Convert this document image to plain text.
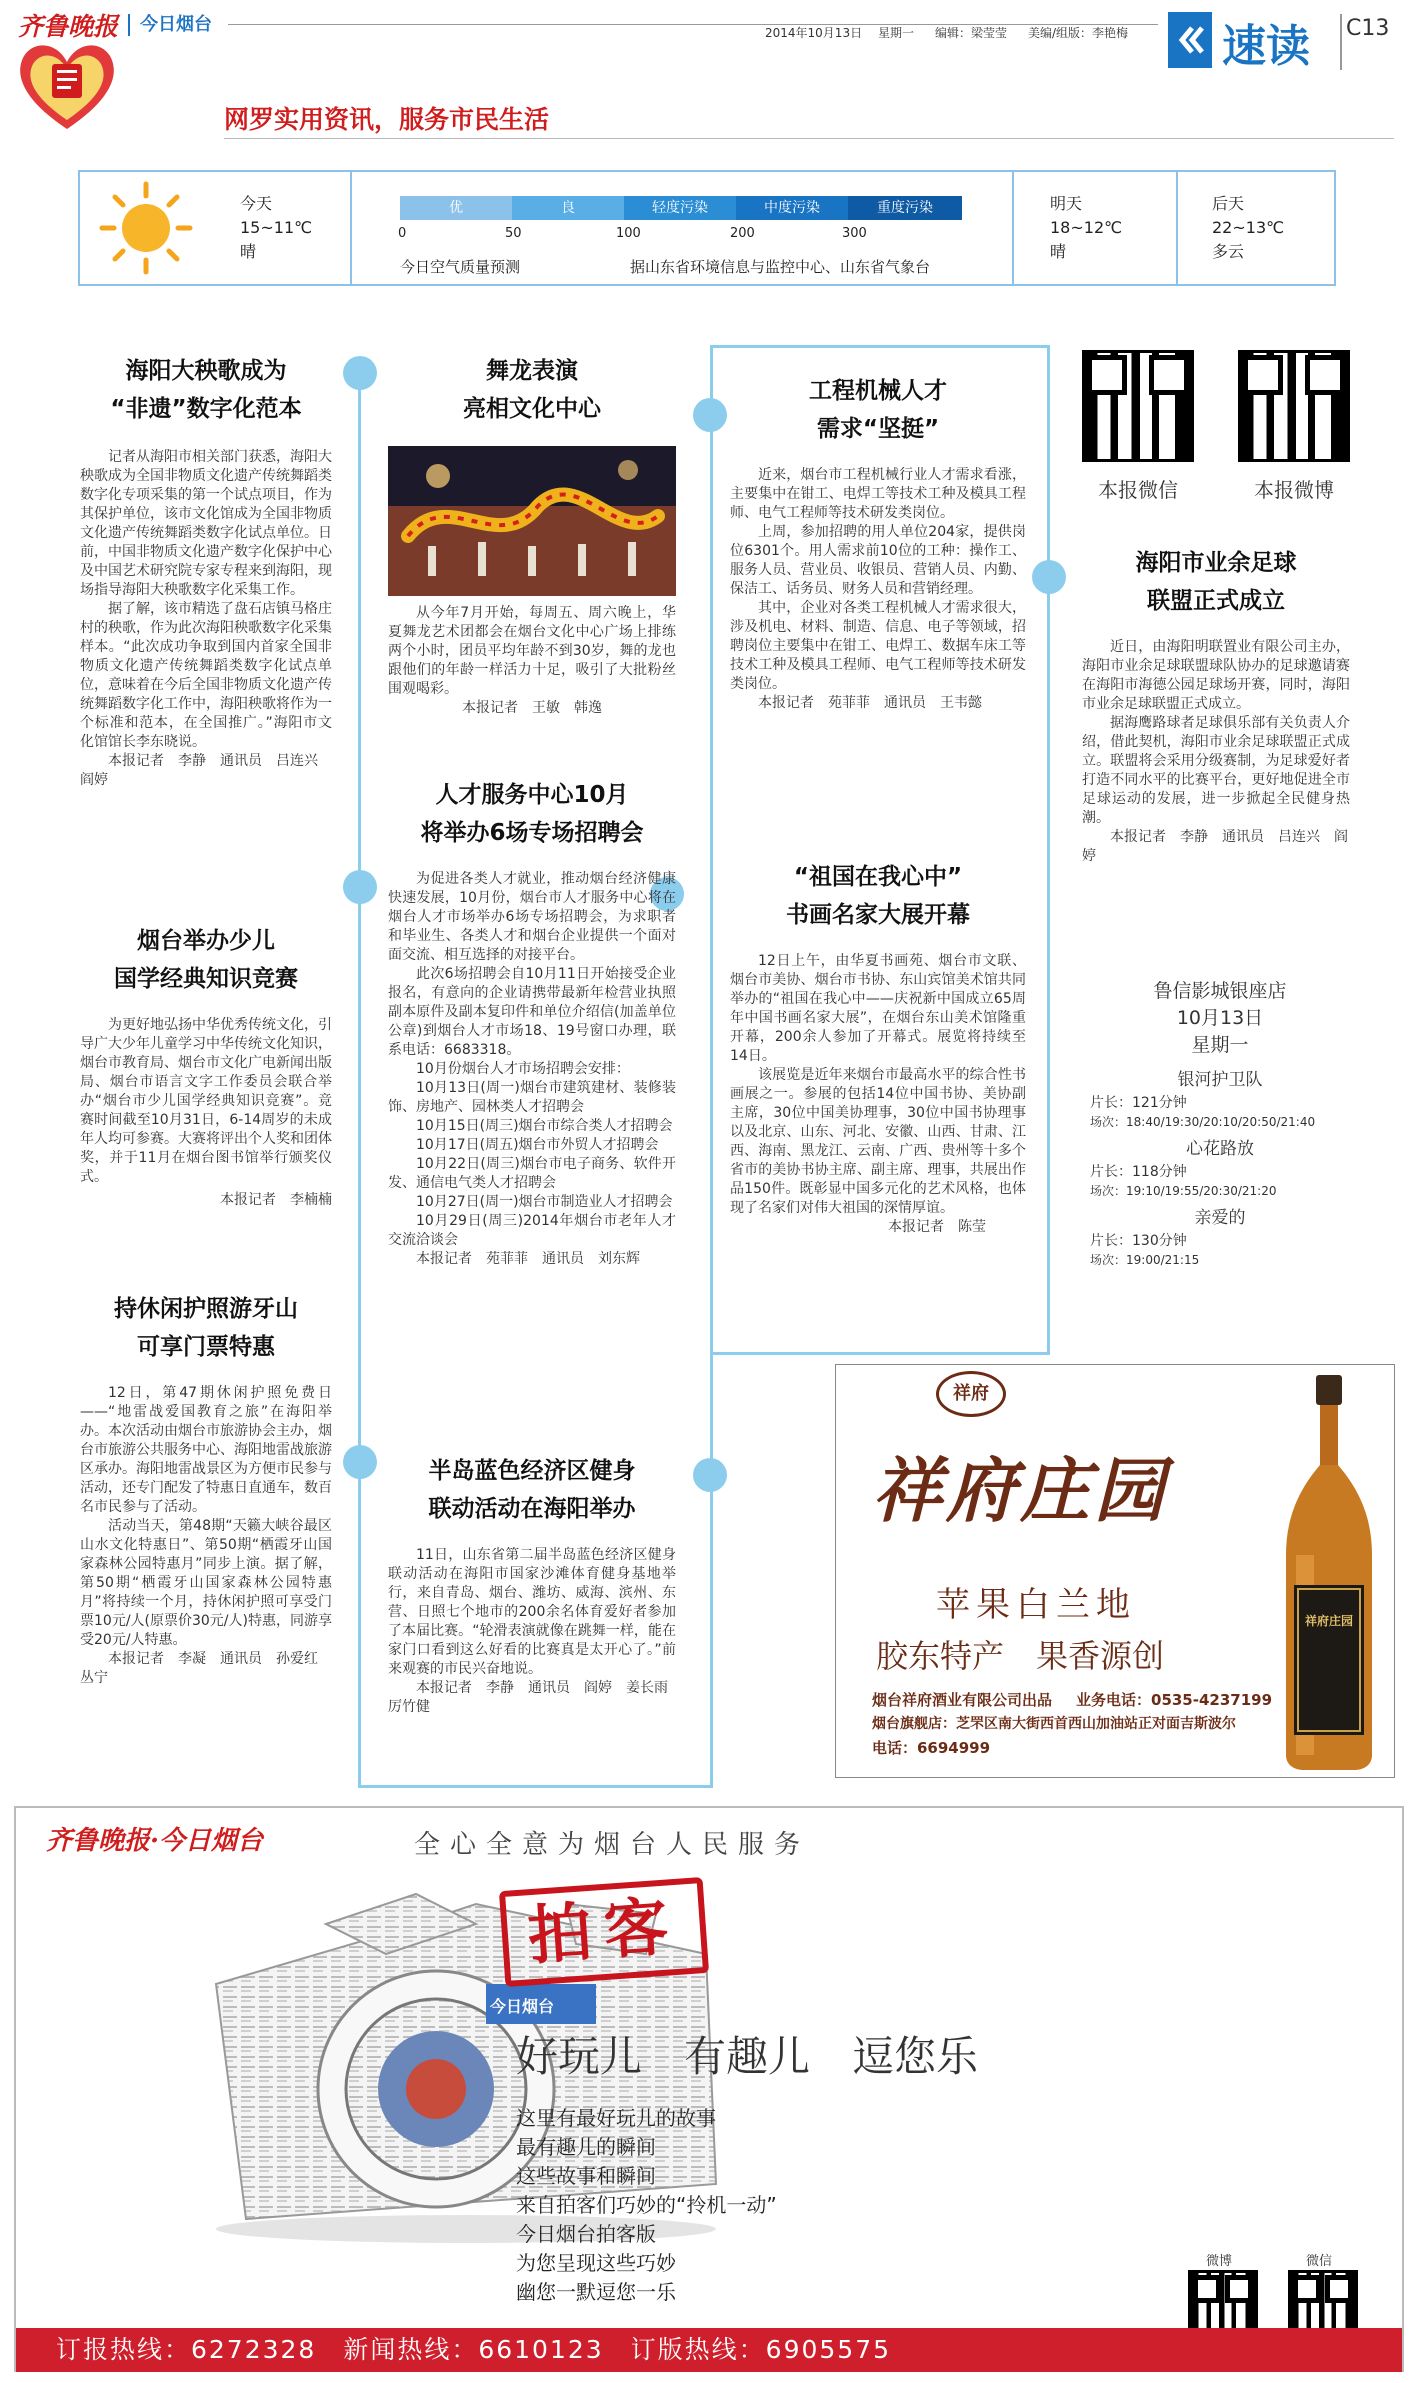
齐鲁晚报 今日烟台	2014年10月13日 星期一 编辑：梁莹莹 美编/组版：李艳梅 速读 C13
网罗实用资讯，服务市民生活
今天
15~11℃
晴
优	良	轻度污染	中度污染	重度污染
0	50	100	200	300
今日空气质量预测	据山东省环境信息与监控中心、山东省气象台
明天
18~12℃
晴
后天
22~13℃
多云
海阳大秧歌成为
“非遗”数字化范本
记者从海阳市相关部门获悉，海阳大秧歌成为全国非物质文化遗产传统舞蹈类数字化专项采集的第一个试点项目，作为其保护单位，该市文化馆成为全国非物质文化遗产传统舞蹈类数字化试点单位。日前，中国非物质文化遗产数字化保护中心及中国艺术研究院专家专程来到海阳，现场指导海阳大秧歌数字化采集工作。
据了解，该市精选了盘石店镇马格庄村的秧歌，作为此次海阳秧歌数字化采集样本。“此次成功争取到国内首家全国非物质文化遗产传统舞蹈类数字化试点单位，意味着在今后全国非物质文化遗产传统舞蹈数字化工作中，海阳秧歌将作为一个标准和范本，在全国推广。”海阳市文化馆馆长李东晓说。
本报记者　李静　通讯员　吕连兴　阎婷
烟台举办少儿
国学经典知识竞赛
为更好地弘扬中华优秀传统文化，引导广大少年儿童学习中华传统文化知识，烟台市教育局、烟台市文化广电新闻出版局、烟台市语言文字工作委员会联合举办“烟台市少儿国学经典知识竞赛”。竞赛时间截至10月31日，6-14周岁的未成年人均可参赛。大赛将评出个人奖和团体奖，并于11月在烟台图书馆举行颁奖仪式。
本报记者　李楠楠
持休闲护照游牙山
可享门票特惠
12日，第47期休闲护照免费日——“地雷战爱国教育之旅”在海阳举办。本次活动由烟台市旅游协会主办，烟台市旅游公共服务中心、海阳地雷战旅游区承办。海阳地雷战景区为方便市民参与活动，还专门配发了特惠日直通车，数百名市民参与了活动。
活动当天，第48期“天籁大峡谷最区山水文化特惠日”、第50期“栖霞牙山国家森林公园特惠月”同步上演。据了解，第50期“栖霞牙山国家森林公园特惠月”将持续一个月，持休闲护照可享受门票10元/人(原票价30元/人)特惠，同游享受20元/人特惠。
本报记者　李凝　通讯员　孙爱红　丛宁
舞龙表演
亮相文化中心
从今年7月开始，每周五、周六晚上，华夏舞龙艺术团都会在烟台文化中心广场上排练两个小时，团员平均年龄不到30岁，舞的龙也跟他们的年龄一样活力十足，吸引了大批粉丝围观喝彩。
本报记者　王敏　韩逸
人才服务中心10月
将举办6场专场招聘会
为促进各类人才就业，推动烟台经济健康快速发展，10月份，烟台市人才服务中心将在烟台人才市场举办6场专场招聘会，为求职者和毕业生、各类人才和烟台企业提供一个面对面交流、相互选择的对接平台。
此次6场招聘会自10月11日开始接受企业报名，有意向的企业请携带最新年检营业执照副本原件及副本复印件和单位介绍信(加盖单位公章)到烟台人才市场18、19号窗口办理，联系电话：6683318。
10月份烟台人才市场招聘会安排：
10月13日(周一)烟台市建筑建材、装修装饰、房地产、园林类人才招聘会
10月15日(周三)烟台市综合类人才招聘会
10月17日(周五)烟台市外贸人才招聘会
10月22日(周三)烟台市电子商务、软件开发、通信电气类人才招聘会
10月27日(周一)烟台市制造业人才招聘会
10月29日(周三)2014年烟台市老年人才交流洽谈会
本报记者　苑菲菲　通讯员　刘东辉
半岛蓝色经济区健身
联动活动在海阳举办
11日，山东省第二届半岛蓝色经济区健身联动活动在海阳市国家沙滩体育健身基地举行，来自青岛、烟台、潍坊、威海、滨州、东营、日照七个地市的200余名体育爱好者参加了本届比赛。“轮滑表演就像在跳舞一样，能在家门口看到这么好看的比赛真是太开心了。”前来观赛的市民兴奋地说。
本报记者　李静　通讯员　阎婷　姜长雨　厉竹健
工程机械人才
需求“坚挺”
近来，烟台市工程机械行业人才需求看涨，主要集中在钳工、电焊工等技术工种及模具工程师、电气工程师等技术研发类岗位。
上周，参加招聘的用人单位204家，提供岗位6301个。用人需求前10位的工种：操作工、服务人员、营业员、收银员、营销人员、内勤、保洁工、话务员、财务人员和营销经理。
其中，企业对各类工程机械人才需求很大，涉及机电、材料、制造、信息、电子等领域，招聘岗位主要集中在钳工、电焊工、数据车床工等技术工种及模具工程师、电气工程师等技术研发类岗位。
本报记者　苑菲菲　通讯员　王韦懿
“祖国在我心中”
书画名家大展开幕
12日上午，由华夏书画苑、烟台市文联、烟台市美协、烟台市书协、东山宾馆美术馆共同举办的“祖国在我心中——庆祝新中国成立65周年中国书画名家大展”，在烟台东山美术馆隆重开幕，200余人参加了开幕式。展览将持续至14日。
该展览是近年来烟台市最高水平的综合性书画展之一。参展的包括14位中国书协、美协副主席，30位中国美协理事，30位中国书协理事以及北京、山东、河北、安徽、山西、甘肃、江西、海南、黑龙江、云南、广西、贵州等十多个省市的美协书协主席、副主席、理事，共展出作品150件。既彰显中国多元化的艺术风格，也体现了名家们对伟大祖国的深情厚谊。
本报记者　陈莹
本报微信	本报微博
海阳市业余足球
联盟正式成立
近日，由海阳明联置业有限公司主办，海阳市业余足球联盟球队协办的足球邀请赛在海阳市海德公园足球场开赛，同时，海阳市业余足球联盟正式成立。
据海鹰路球者足球俱乐部有关负责人介绍，借此契机，海阳市业余足球联盟正式成立。联盟将会采用分级赛制，为足球爱好者打造不同水平的比赛平台，更好地促进全市足球运动的发展，进一步掀起全民健身热潮。
本报记者　李静　通讯员　吕连兴　阎婷
鲁信影城银座店
10月13日
星期一
银河护卫队
片长：121分钟
场次：18:40/19:30/20:10/20:50/21:40
心花路放
片长：118分钟
场次：19:10/19:55/20:30/21:20
亲爱的
片长：130分钟
场次：19:00/21:15
祥府
祥府庄园
苹果白兰地
胶东特产　果香源创
烟台祥府酒业有限公司出品 业务电话：0535-4237199
烟台旗舰店：芝罘区南大街西首西山加油站正对面吉斯波尔
电话：6694999
祥府庄园
齐鲁晚报·今日烟台	全心全意为烟台人民服务
今日烟台
拍客
好玩儿　有趣儿　逗您乐
这里有最好玩儿的故事
最有趣儿的瞬间
这些故事和瞬间
来自拍客们巧妙的“拎机一动”
今日烟台拍客版
为您呈现这些巧妙
幽您一默逗您一乐
微博	微信
订报热线：6272328　新闻热线：6610123　订版热线：6905575
